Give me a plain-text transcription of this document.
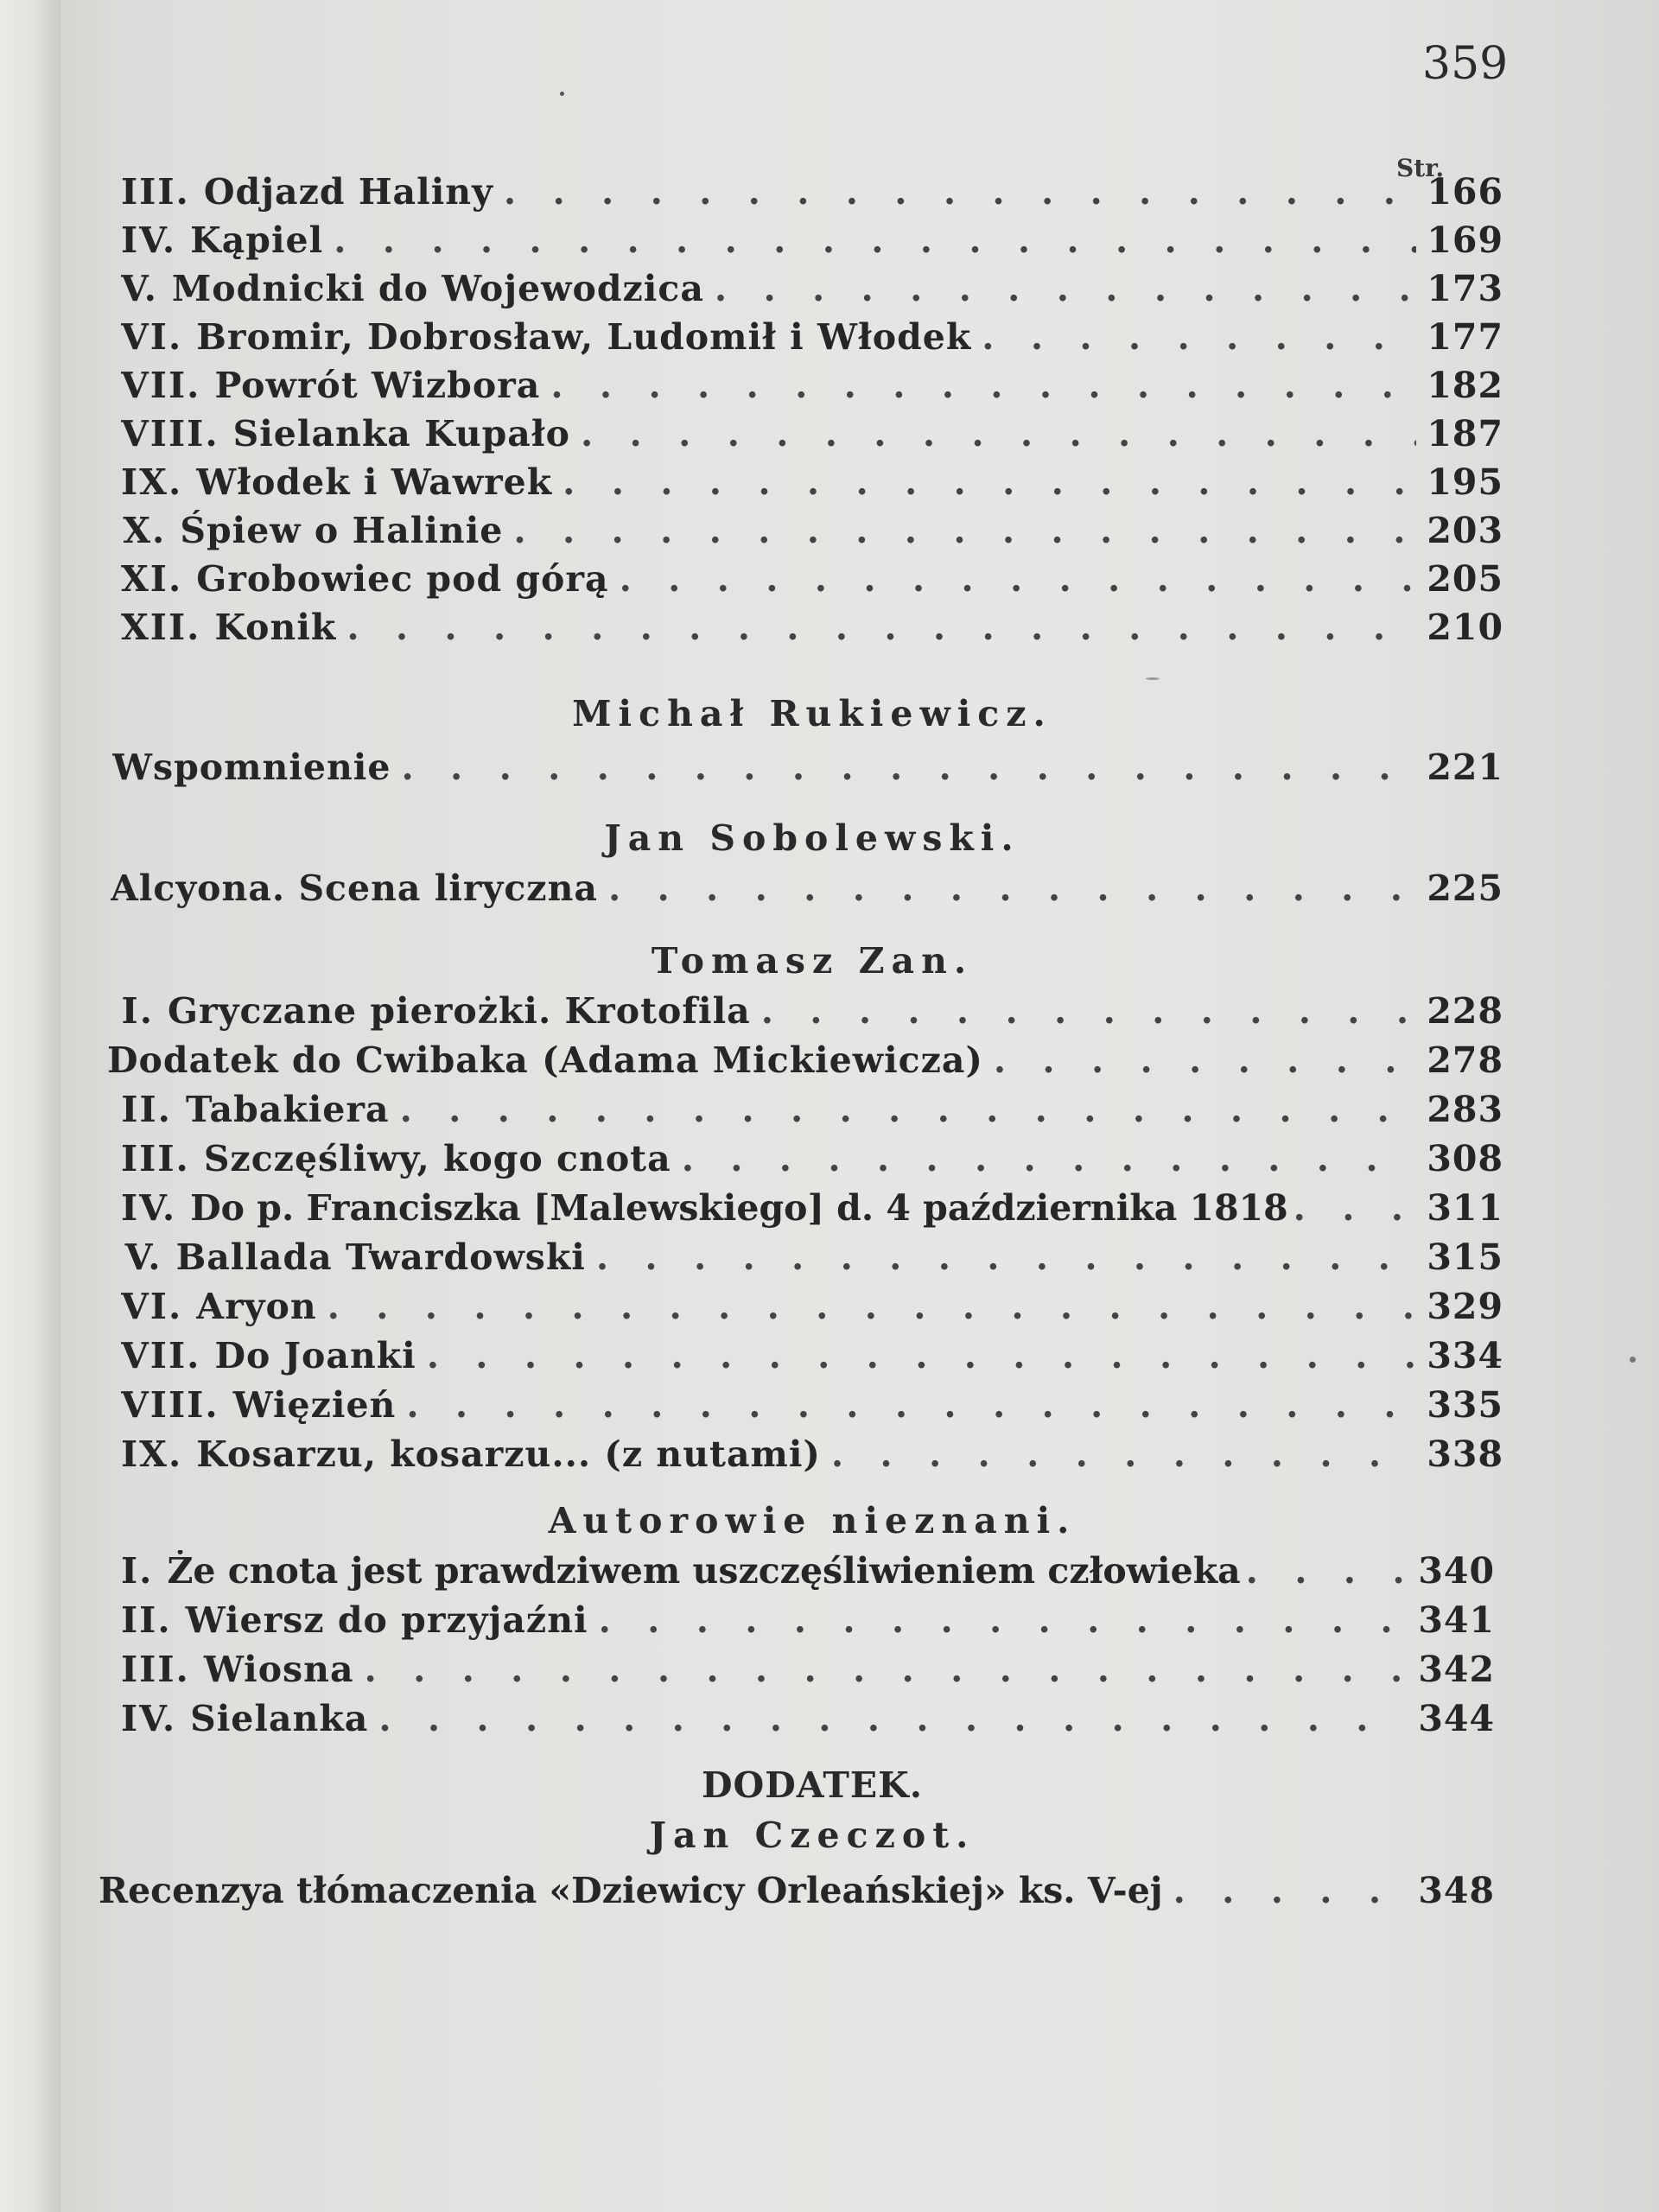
359
Str.
III. Odjazd Haliny . . .	166
IV. Kąpiel . . .	169
V. Modnicki do Wojewodzica . . .	173
VI. Bromir, Dobrosław, Ludomił i Włodek . . .	177
VII. Powrót Wizbora . . .	182
VIII. Sielanka Kupało . . .	187
IX. Włodek i Wawrek . . .	195
X. Śpiew o Halinie . . .	203
XI. Grobowiec pod górą . . .	205
XII. Konik . . .	210
Michał Rukiewicz.
Wspomnienie . . .	221
Jan Sobolewski.
Alcyona. Scena liryczna . . .	225
Tomasz Zan.
I. Gryczane pierożki. Krotofila . . .	228
Dodatek do Cwibaka (Adama Mickiewicza) . . .	278
II. Tabakiera . . .	283
III. Szczęśliwy, kogo cnota . . .	308
IV. Do p. Franciszka [Malewskiego] d. 4 października 1818 . . .	311
V. Ballada Twardowski . . .	315
VI. Aryon . . .	329
VII. Do Joanki . . .	334
VIII. Więzień . . .	335
IX. Kosarzu, kosarzu... (z nutami) . . .	338
Autorowie nieznani.
I. Że cnota jest prawdziwem uszczęśliwieniem człowieka . . .	340
II. Wiersz do przyjaźni . . .	341
III. Wiosna . . .	342
IV. Sielanka . . .	344
DODATEK.
Jan Czeczot.
Recenzya tłómaczenia «Dziewicy Orleańskiej» ks. V-ej . . .	348
